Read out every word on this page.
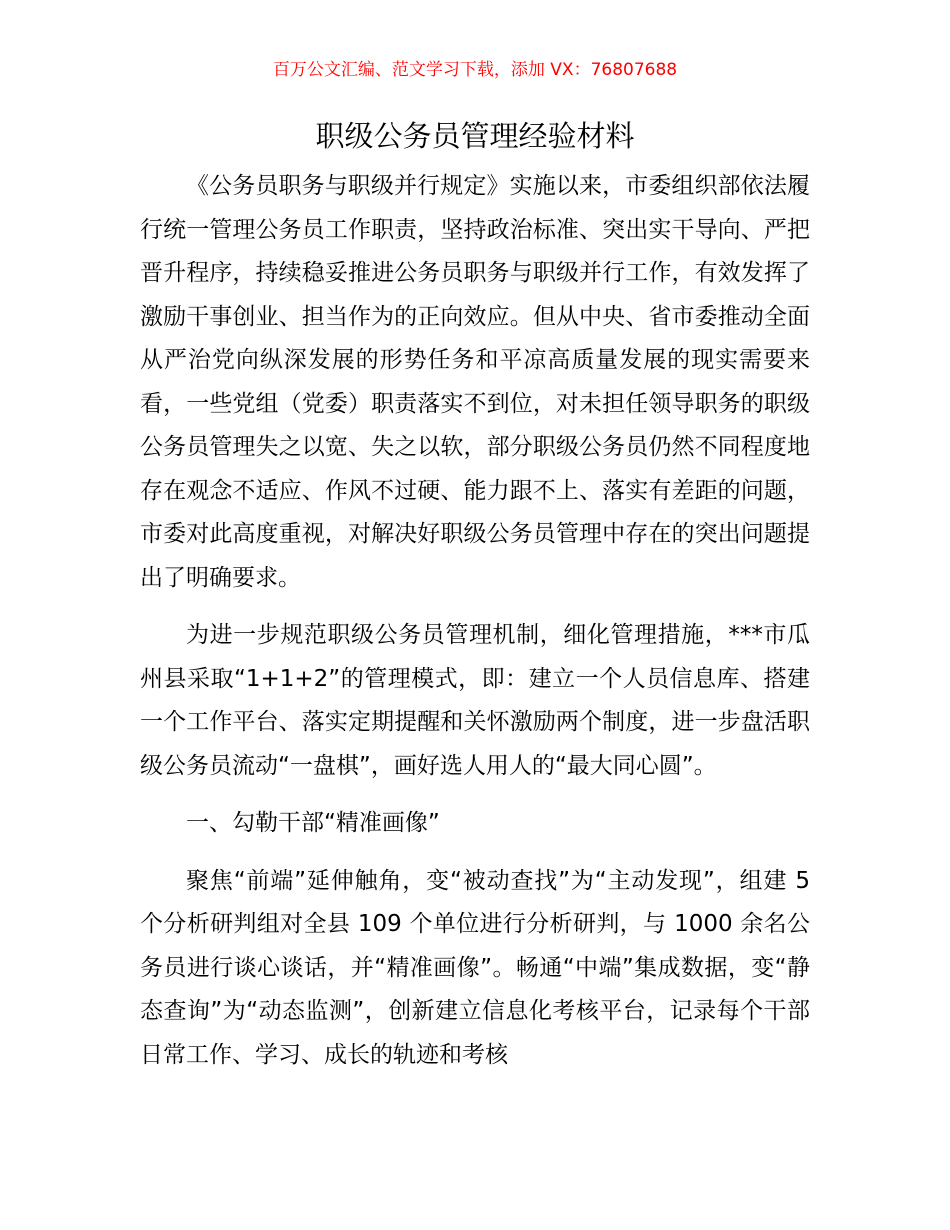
百万公文汇编、范文学习下载，添加 VX：76807688
职级公务员管理经验材料

《公务员职务与职级并行规定》实施以来，市委组织部依法履行统一管理公务员工作职责，坚持政治标准、突出实干导向、严把晋升程序，持续稳妥推进公务员职务与职级并行工作，有效发挥了激励干事创业、担当作为的正向效应。但从中央、省市委推动全面从严治党向纵深发展的形势任务和平凉高质量发展的现实需要来看，一些党组（党委）职责落实不到位，对未担任领导职务的职级公务员管理失之以宽、失之以软，部分职级公务员仍然不同程度地存在观念不适应、作风不过硬、能力跟不上、落实有差距的问题，市委对此高度重视，对解决好职级公务员管理中存在的突出问题提出了明确要求。

为进一步规范职级公务员管理机制，细化管理措施，***市瓜州县采取“1+1+2”的管理模式，即：建立一个人员信息库、搭建一个工作平台、落实定期提醒和关怀激励两个制度，进一步盘活职级公务员流动“一盘棋”，画好选人用人的“最大同心圆”。

一、勾勒干部“精准画像”

聚焦“前端”延伸触角，变“被动查找”为“主动发现”，组建 5 个分析研判组对全县 109 个单位进行分析研判，与 1000 余名公务员进行谈心谈话，并“精准画像”。畅通“中端”集成数据，变“静态查询”为“动态监测”，创新建立信息化考核平台，记录每个干部日常工作、学习、成长的轨迹和考核
